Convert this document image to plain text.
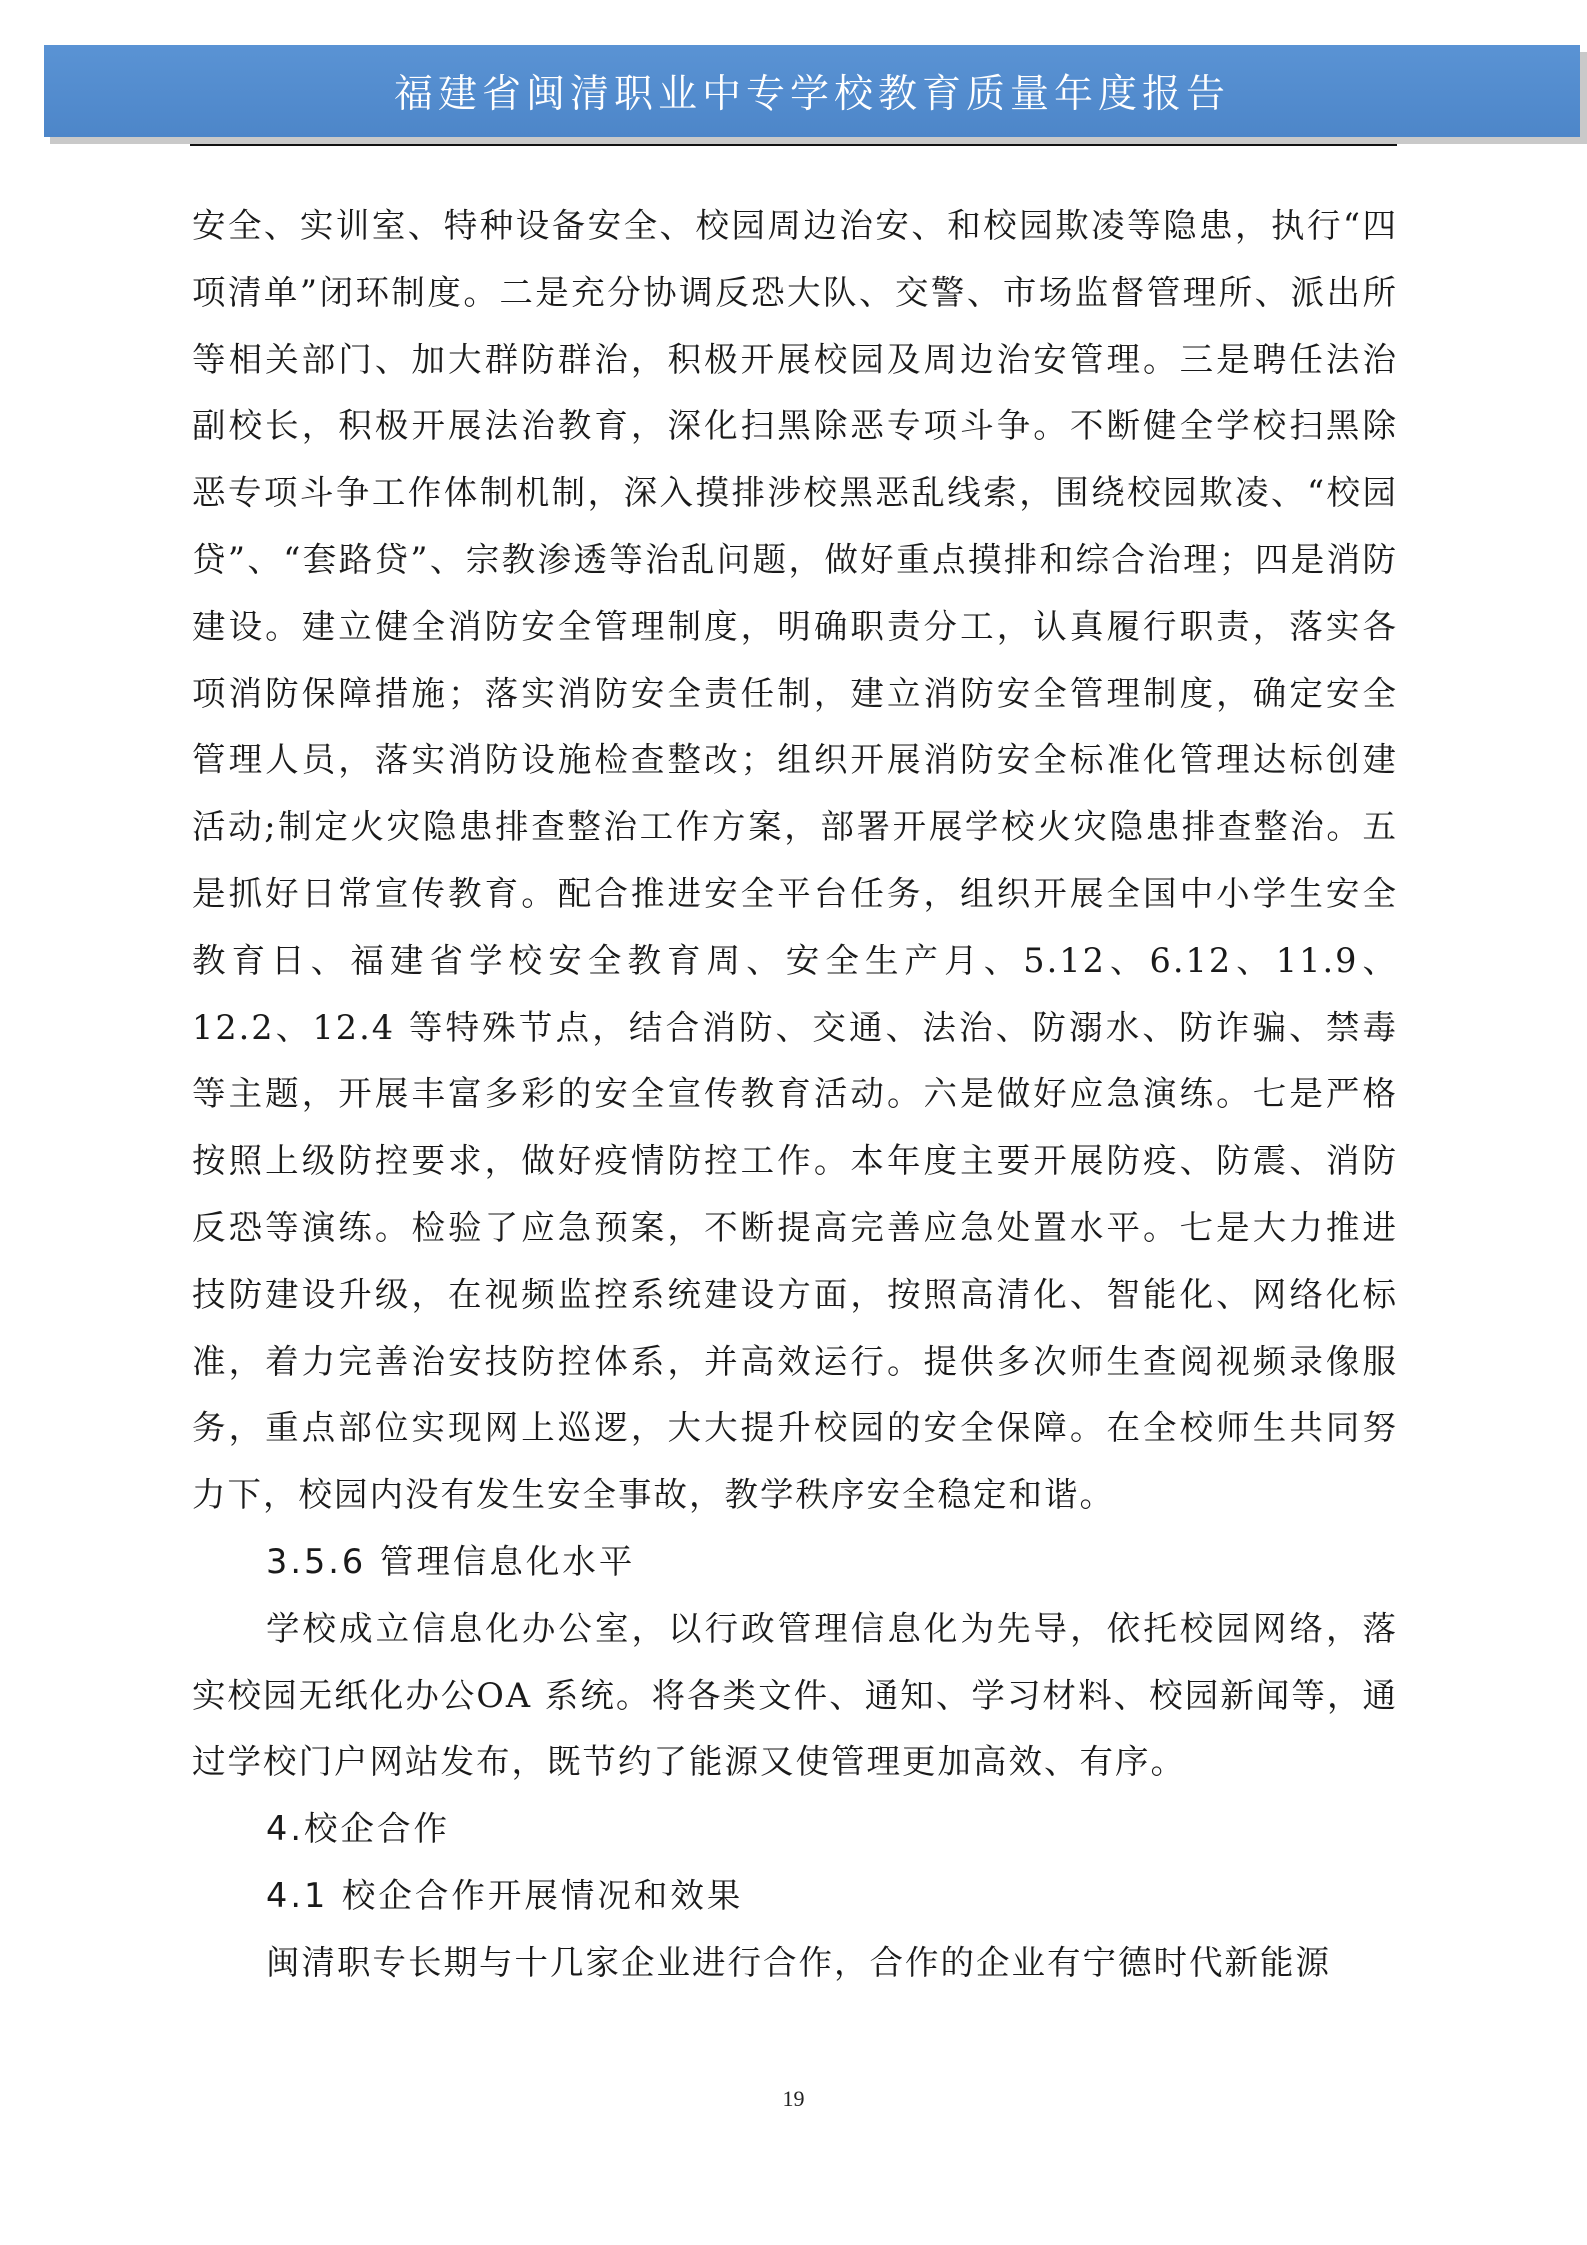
福建省闽清职业中专学校教育质量年度报告

安全、实训室、特种设备安全、校园周边治安、和校园欺凌等隐患，执行“四项清单”闭环制度。二是充分协调反恐大队、交警、市场监督管理所、派出所等相关部门、加大群防群治，积极开展校园及周边治安管理。三是聘任法治副校长，积极开展法治教育，深化扫黑除恶专项斗争。不断健全学校扫黑除恶专项斗争工作体制机制，深入摸排涉校黑恶乱线索，围绕校园欺凌、“校园贷”、“套路贷”、宗教渗透等治乱问题，做好重点摸排和综合治理；四是消防建设。建立健全消防安全管理制度，明确职责分工，认真履行职责，落实各项消防保障措施；落实消防安全责任制，建立消防安全管理制度，确定安全管理人员，落实消防设施检查整改；组织开展消防安全标准化管理达标创建活动;制定火灾隐患排查整治工作方案，部署开展学校火灾隐患排查整治。五是抓好日常宣传教育。配合推进安全平台任务，组织开展全国中小学生安全教育日、福建省学校安全教育周、安全生产月、5.12、6.12、11.9、12.2、12.4 等特殊节点，结合消防、交通、法治、防溺水、防诈骗、禁毒等主题，开展丰富多彩的安全宣传教育活动。六是做好应急演练。七是严格按照上级防控要求，做好疫情防控工作。本年度主要开展防疫、防震、消防反恐等演练。检验了应急预案，不断提高完善应急处置水平。七是大力推进技防建设升级，在视频监控系统建设方面，按照高清化、智能化、网络化标准，着力完善治安技防控体系，并高效运行。提供多次师生查阅视频录像服务，重点部位实现网上巡逻，大大提升校园的安全保障。在全校师生共同努力下，校园内没有发生安全事故，教学秩序安全稳定和谐。

3.5.6 管理信息化水平

学校成立信息化办公室，以行政管理信息化为先导，依托校园网络，落实校园无纸化办公OA 系统。将各类文件、通知、学习材料、校园新闻等，通过学校门户网站发布，既节约了能源又使管理更加高效、有序。

4.校企合作

4.1 校企合作开展情况和效果

闽清职专长期与十几家企业进行合作，合作的企业有宁德时代新能源

19
